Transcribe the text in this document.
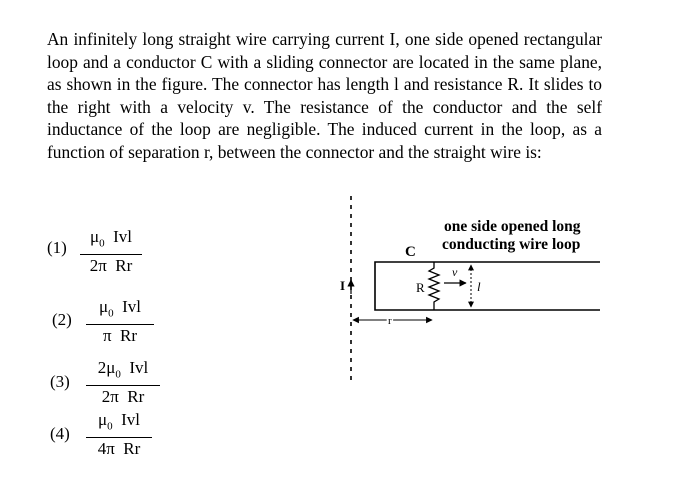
An infinitely long straight wire carrying current I, one side opened rectangular loop and a conductor C with a sliding connector are located in the same plane, as shown in the figure. The connector has length l and resistance R. It slides to the right with a velocity v. The resistance of the conductor and the self inductance of the loop are negligible. The induced current in the loop, as a function of separation r, between the connector and the straight wire is:

(1)
$\mu_0$ Ivl
2π Rr
(2)
$\mu_0$ Ivl
π Rr
(3)
$2\mu_0$ Ivl
2π Rr
(4)
$\mu_0$ Ivl
4π Rr
C
I	R
v
l
r
one side opened long
conducting wire loop
